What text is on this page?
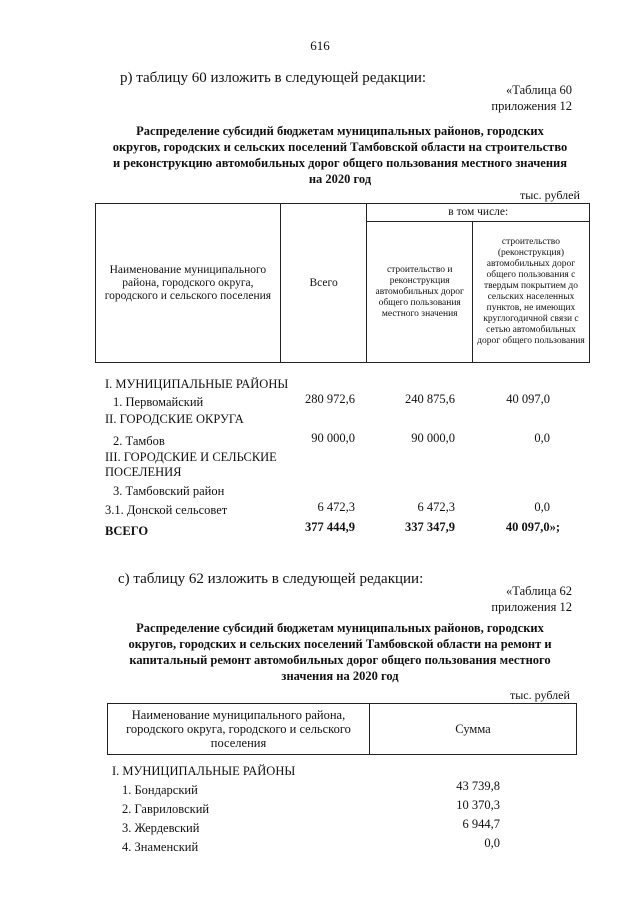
616
р) таблицу 60 изложить в следующей редакции:
«Таблица 60
приложения 12
Распределение субсидий бюджетам муниципальных районов, городских
округов, городских и сельских поселений Тамбовской области на строительство
и реконструкцию автомобильных дорог общего пользования местного значения
на 2020 год
тыс. рублей
Наименование муниципального района, городского округа, городского и сельского поселения	Всего	в том числе:	
		строительство и реконструкция автомобильных дорог общего пользования местного значения	строительство (реконструкция) автомобильных дорог общего пользования с твердым покрытием до сельских населенных пунктов, не имеющих круглогодичной связи с сетью автомобильных дорог общего пользования
I. МУНИЦИПАЛЬНЫЕ РАЙОНЫ
1. Первомайский	280 972,6	240 875,6	40 097,0
II. ГОРОДСКИЕ ОКРУГА
2. Тамбов	90 000,0	90 000,0	0,0
III. ГОРОДСКИЕ И СЕЛЬСКИЕ
ПОСЕЛЕНИЯ
3. Тамбовский район
3.1. Донской сельсовет	6 472,3	6 472,3	0,0
ВСЕГО	377 444,9	337 347,9	40 097,0»;
с) таблицу 62 изложить в следующей редакции:
«Таблица 62
приложения 12
Распределение субсидий бюджетам муниципальных районов, городских
округов, городских и сельских поселений Тамбовской области на ремонт и
капитальный ремонт автомобильных дорог общего пользования местного
значения на 2020 год
тыс. рублей
Наименование муниципального района, городского округа, городского и сельского поселения	Сумма
I. МУНИЦИПАЛЬНЫЕ РАЙОНЫ
1. Бондарский	43 739,8
2. Гавриловский	10 370,3
3. Жердевский	6 944,7
4. Знаменский	0,0
